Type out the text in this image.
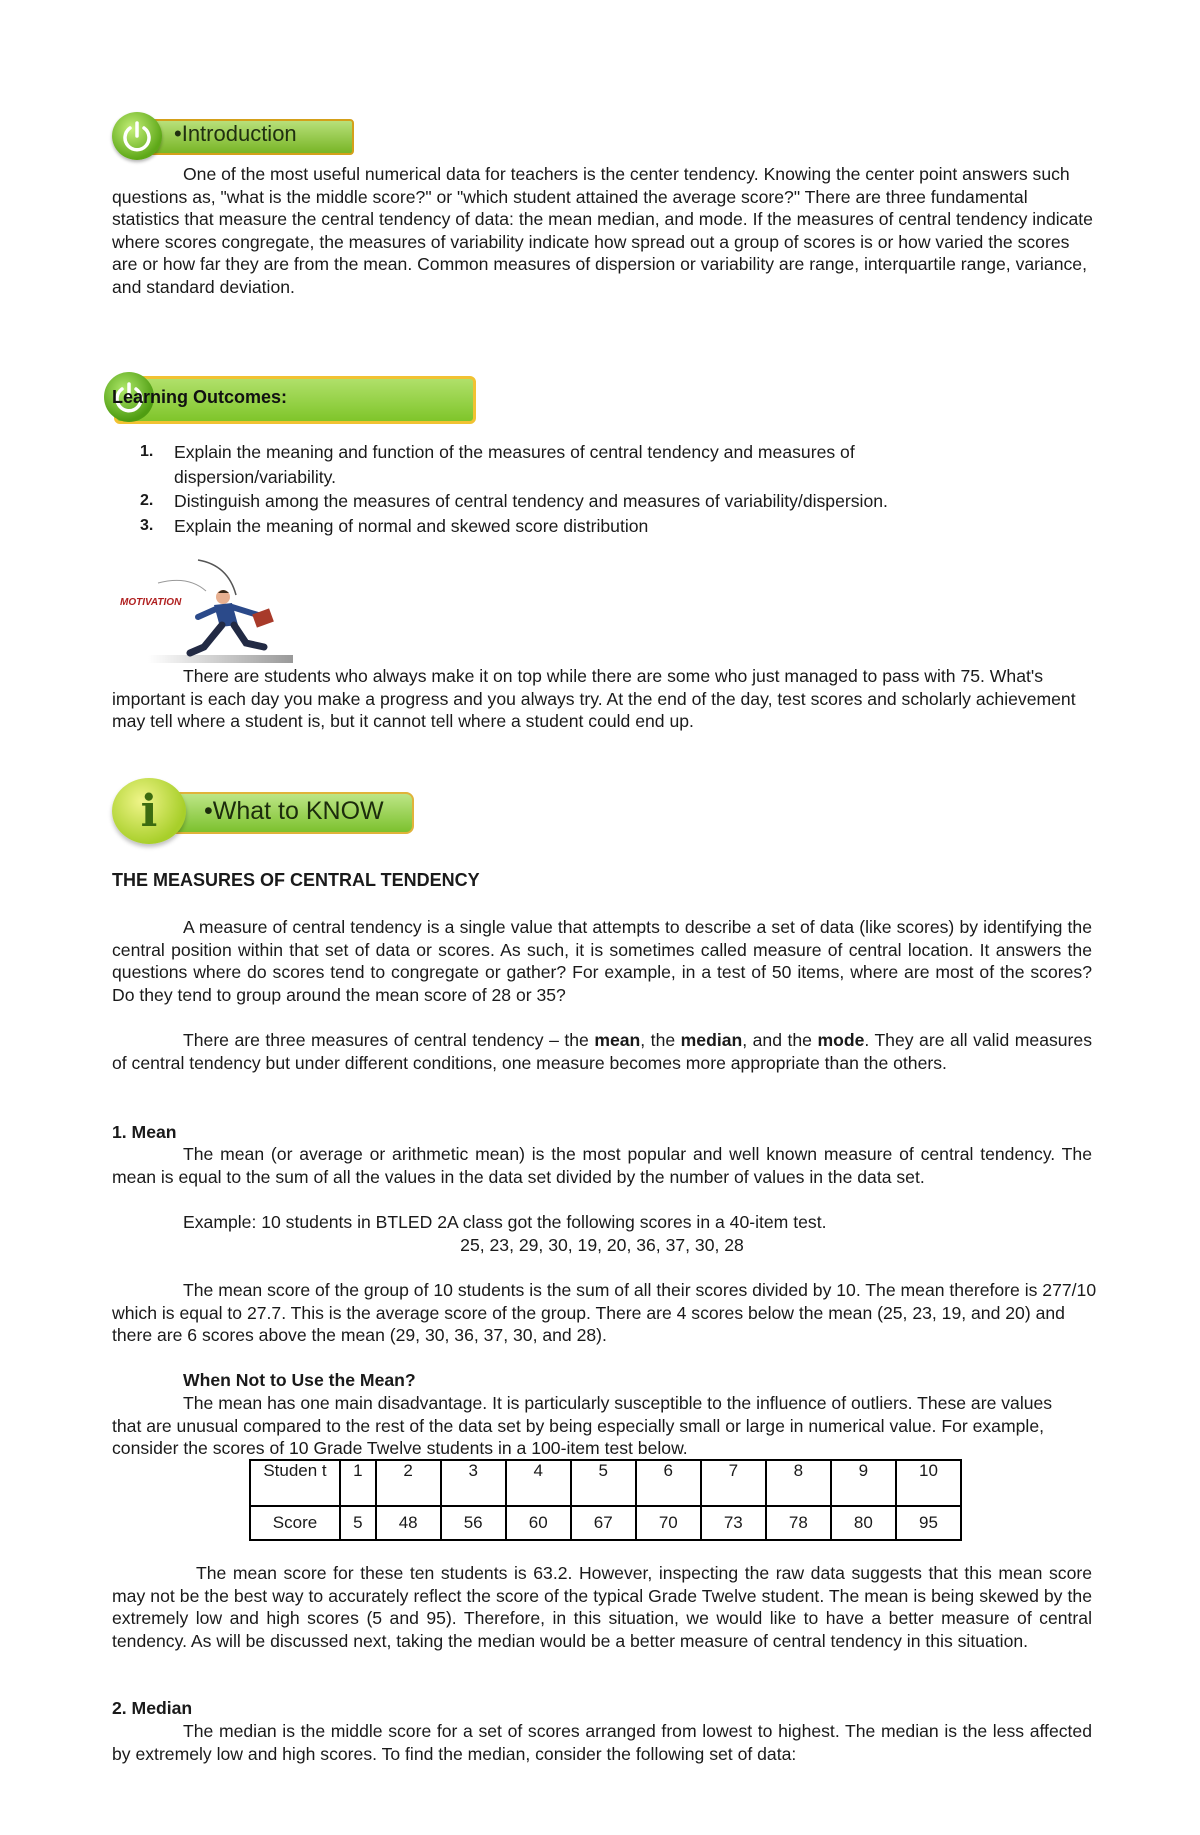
•Introduction

One of the most useful numerical data for teachers is the center tendency. Knowing the center point answers such questions as, "what is the middle score?" or "which student attained the average score?" There are three fundamental statistics that measure the central tendency of data: the mean median, and mode. If the measures of central tendency indicate where scores congregate, the measures of variability indicate how spread out a group of scores is or how varied the scores are or how far they are from the mean. Common measures of dispersion or variability are range, interquartile range, variance, and standard deviation.

Learning Outcomes:
1. Explain the meaning and function of the measures of central tendency and measures of dispersion/variability.
2. Distinguish among the measures of central tendency and measures of variability/dispersion.
3. Explain the meaning of normal and skewed score distribution
MOTIVATION

There are students who always make it on top while there are some who just managed to pass with 75. What's important is each day you make a progress and you always try. At the end of the day, test scores and scholarly achievement may tell where a student is, but it cannot tell where a student could end up.

i	•What to KNOW
THE MEASURES OF CENTRAL TENDENCY

A measure of central tendency is a single value that attempts to describe a set of data (like scores) by identifying the central position within that set of data or scores. As such, it is sometimes called measure of central location. It answers the questions where do scores tend to congregate or gather? For example, in a test of 50 items, where are most of the scores? Do they tend to group around the mean score of 28 or 35?

There are three measures of central tendency – the mean, the median, and the mode. They are all valid measures of central tendency but under different conditions, one measure becomes more appropriate than the others.

1. Mean

The mean (or average or arithmetic mean) is the most popular and well known measure of central tendency. The mean is equal to the sum of all the values in the data set divided by the number of values in the data set.

Example: 10 students in BTLED 2A class got the following scores in a 40-item test.

25, 23, 29, 30, 19, 20, 36, 37, 30, 28

The mean score of the group of 10 students is the sum of all their scores divided by 10. The mean therefore is 277/10 which is equal to 27.7. This is the average score of the group. There are 4 scores below the mean (25, 23, 19, and 20) and there are 6 scores above the mean (29, 30, 36, 37, 30, and 28).

When Not to Use the Mean?

The mean has one main disadvantage. It is particularly susceptible to the influence of outliers. These are values that are unusual compared to the rest of the data set by being especially small or large in numerical value. For example, consider the scores of 10 Grade Twelve students in a 100-item test below.

Studen t	1	2	3	4	5	6	7	8	9	10
Score	5	48	56	60	67	70	73	78	80	95

The mean score for these ten students is 63.2. However, inspecting the raw data suggests that this mean score may not be the best way to accurately reflect the score of the typical Grade Twelve student. The mean is being skewed by the extremely low and high scores (5 and 95). Therefore, in this situation, we would like to have a better measure of central tendency. As will be discussed next, taking the median would be a better measure of central tendency in this situation.

2. Median

The median is the middle score for a set of scores arranged from lowest to highest. The median is the less affected by extremely low and high scores. To find the median, consider the following set of data:
